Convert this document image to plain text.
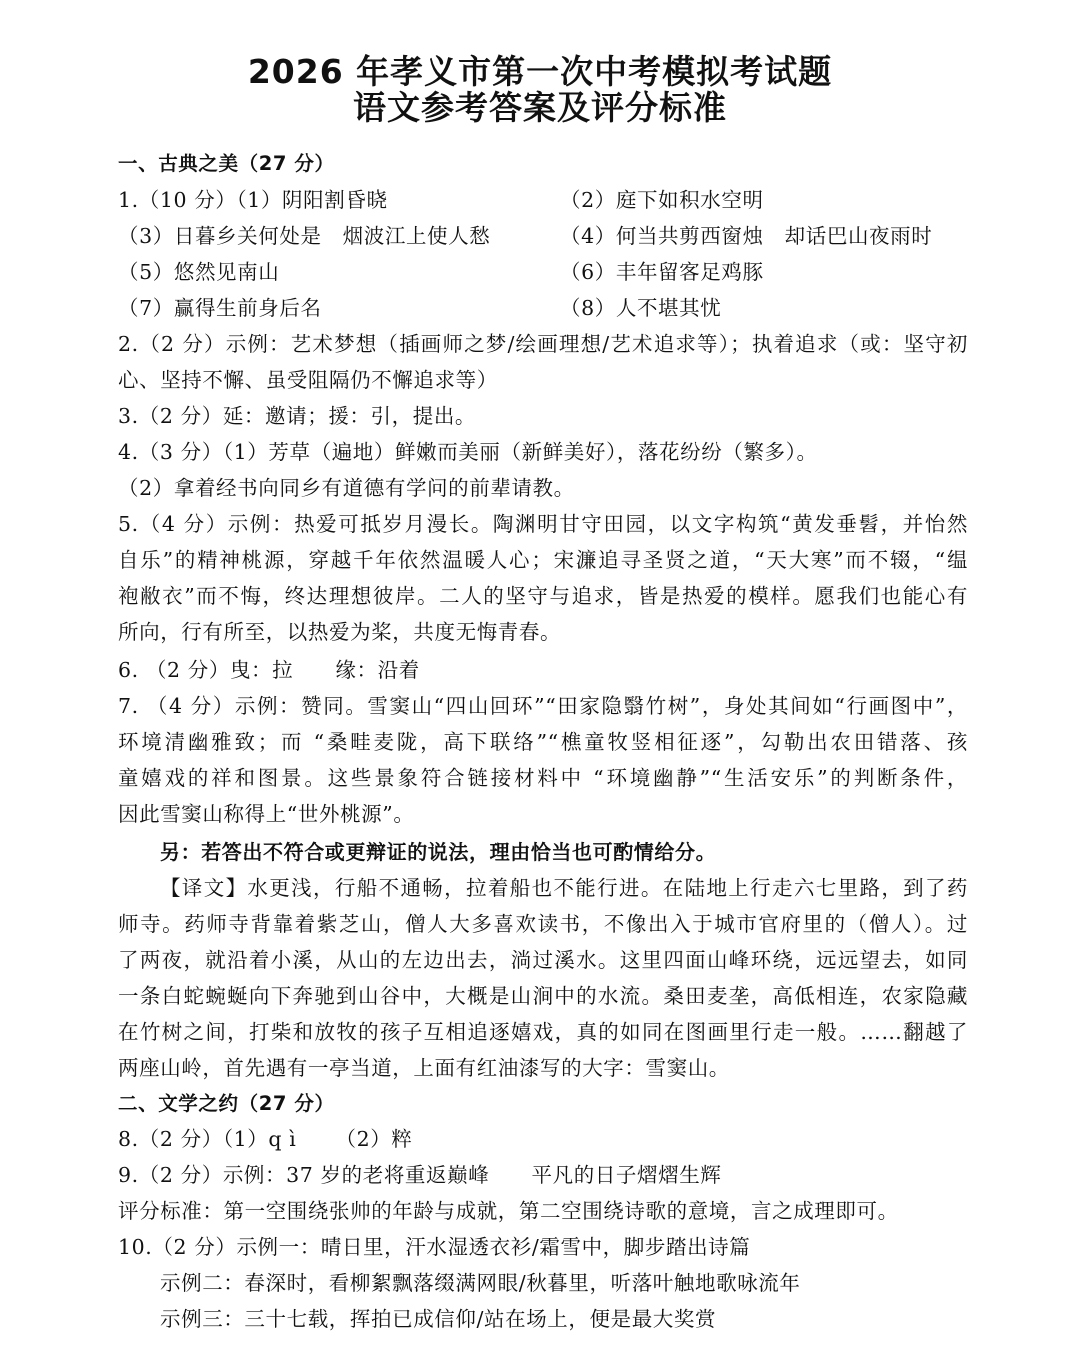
2026 年孝义市第一次中考模拟考试题
语文参考答案及评分标准
一、古典之美（27 分）
1.（10 分）（1）阴阳割昏晓	（2）庭下如积水空明
（3）日暮乡关何处是　烟波江上使人愁	（4）何当共剪西窗烛　却话巴山夜雨时
（5）悠然见南山	（6）丰年留客足鸡豚
（7）赢得生前身后名	（8）人不堪其忧
2.（2 分）示例：艺术梦想（插画师之梦/绘画理想/艺术追求等）；执着追求（或：坚守初
心、坚持不懈、虽受阻隔仍不懈追求等）
3.（2 分）延：邀请；援：引，提出。
4.（3 分）（1）芳草（遍地）鲜嫩而美丽（新鲜美好），落花纷纷（繁多）。
（2）拿着经书向同乡有道德有学问的前辈请教。
5.（4 分）示例：热爱可抵岁月漫长。陶渊明甘守田园，以文字构筑“黄发垂髫，并怡然
自乐”的精神桃源，穿越千年依然温暖人心；宋濂追寻圣贤之道，“天大寒”而不辍，“缊
袍敝衣”而不悔，终达理想彼岸。二人的坚守与追求，皆是热爱的模样。愿我们也能心有
所向，行有所至，以热爱为桨，共度无悔青春。
6. （2 分）曳：拉　　缘：沿着
7. （4 分）示例：赞同。雪窦山“四山回环”“田家隐翳竹树”，身处其间如“行画图中”，
环境清幽雅致；而 “桑畦麦陇，高下联络”“樵童牧竖相征逐”，勾勒出农田错落、孩
童嬉戏的祥和图景。这些景象符合链接材料中 “环境幽静”“生活安乐”的判断条件，
因此雪窦山称得上“世外桃源”。
另：若答出不符合或更辩证的说法，理由恰当也可酌情给分。
【译文】水更浅，行船不通畅，拉着船也不能行进。在陆地上行走六七里路，到了药
师寺。药师寺背靠着紫芝山，僧人大多喜欢读书，不像出入于城市官府里的（僧人）。过
了两夜，就沿着小溪，从山的左边出去，淌过溪水。这里四面山峰环绕，远远望去，如同
一条白蛇蜿蜒向下奔驰到山谷中，大概是山涧中的水流。桑田麦垄，高低相连，农家隐藏
在竹树之间，打柴和放牧的孩子互相追逐嬉戏，真的如同在图画里行走一般。……翻越了
两座山岭，首先遇有一亭当道，上面有红油漆写的大字：雪窦山。
二、文学之约（27 分）
8.（2 分）（1）q ì 　　（2）粹
9.（2 分）示例：37 岁的老将重返巅峰　　平凡的日子熠熠生辉
评分标准：第一空围绕张帅的年龄与成就，第二空围绕诗歌的意境，言之成理即可。
10.（2 分）示例一：晴日里，汗水湿透衣衫/霜雪中，脚步踏出诗篇
示例二：春深时，看柳絮飘落缀满网眼/秋暮里，听落叶触地歌咏流年
示例三：三十七载，挥拍已成信仰/站在场上，便是最大奖赏
